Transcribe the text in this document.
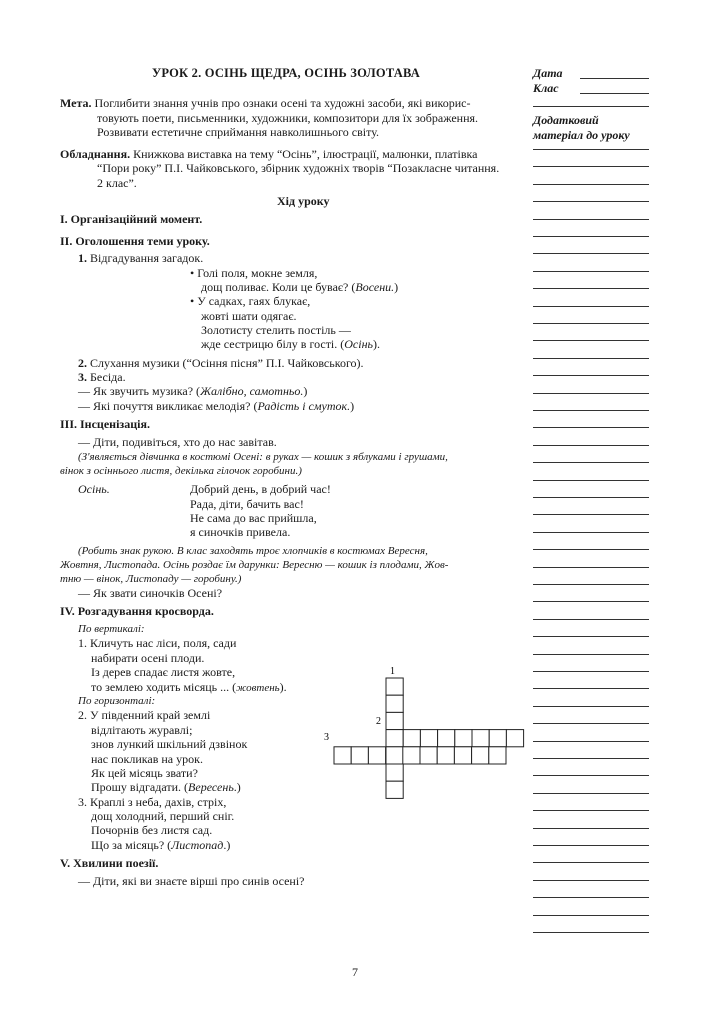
УРОК 2. ОСІНЬ ЩЕДРА, ОСІНЬ ЗОЛОТАВА	Дата
Клас
Додатковий
матеріал до уроку
Мета. Поглибити знання учнів про ознаки осені та художні засоби, які викорис-
товують поети, письменники, художники, композитори для їх зображення.
Розвивати естетичне сприймання навколишнього світу.
Обладнання. Книжкова виставка на тему “Осінь”, ілюстрації, малюнки, платівка
“Пори року” П.І. Чайковського, збірник художніх творів “Позакласне читання.
2 клас”.
Хід уроку
I. Організаційний момент.
II. Оголошення теми уроку.
1. Відгадування загадок.
• Голі поля, мокне земля,
дощ поливає. Коли це буває? (Восени.)
• У садках, гаях блукає,
жовті шати одягає.
Золотисту стелить постіль —
жде сестрицю білу в гості. (Осінь).
2. Слухання музики (“Осіння пісня” П.І. Чайковського).
3. Бесіда.
— Як звучить музика? (Жалібно, самотньо.)
— Які почуття викликає мелодія? (Радість і смуток.)
III. Інсценізація.
— Діти, подивіться, хто до нас завітав.
(З'являється дівчинка в костюмі Осені: в руках — кошик з яблуками і грушами,
вінок з осіннього листя, декілька гілочок горобини.)
Осінь.	Добрий день, в добрий час!
Рада, діти, бачить вас!
Не сама до вас прийшла,
я синочків привела.
(Робить знак рукою. В клас заходять троє хлопчиків в костюмах Вересня,
Жовтня, Листопада. Осінь роздає їм дарунки: Вересню — кошик із плодами, Жов-
тню — вінок, Листопаду — горобину.)
— Як звати синочків Осені?
IV. Розгадування кросворда.
По вертикалі:
1. Кличуть нас ліси, поля, сади
набирати осені плоди.
Із дерев спадає листя жовте,
то землею ходить місяць ... (жовтень).
По горизонталі:
2. У південний край землі
відлітають журавлі;
знов лункий шкільний дзвінок
нас покликав на урок.
Як цей місяць звати?
Прошу відгадати. (Вересень.)
3. Краплі з неба, дахів, стріх,
дощ холодний, перший сніг.
Почорнів без листя сад.
Що за місяць? (Листопад.)
V. Хвилини поезії.
— Діти, які ви знаєте вірші про синів осені?
1
2
3
7
